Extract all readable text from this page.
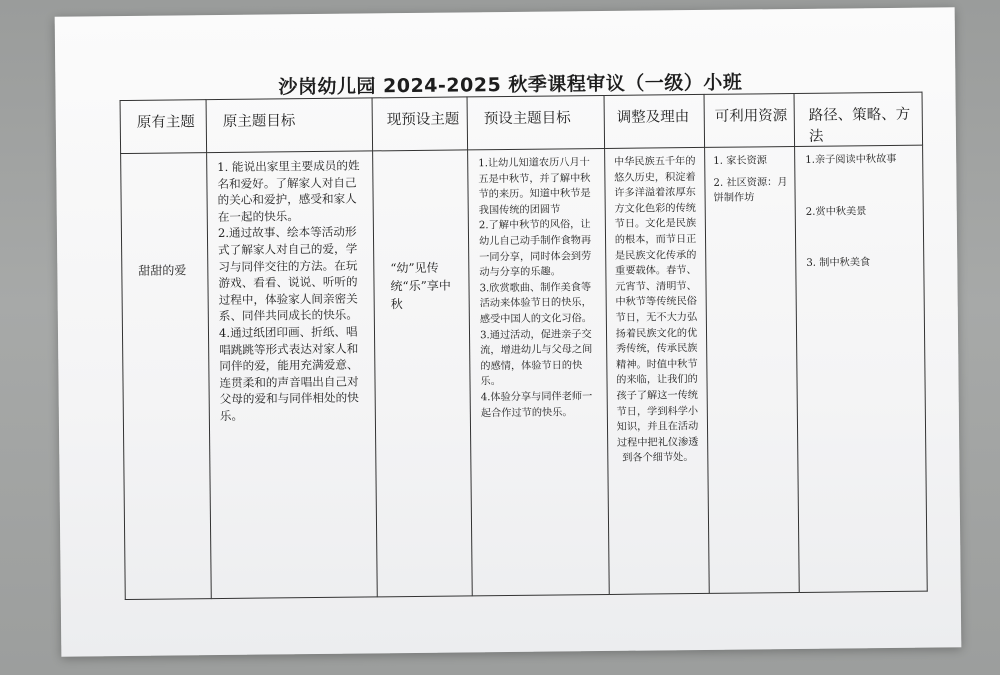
沙岗幼儿园 2024-2025 秋季课程审议（一级）小班
原有主题	原主题目标	现预设主题	预设主题目标	调整及理由	可利用资源	路径、策略、方法

甜甜的爱	1. 能说出家里主要成员的姓名和爱好。了解家人对自己的关心和爱护，感受和家人在一起的快乐。
2.通过故事、绘本等活动形式了解家人对自己的爱，学习与同伴交往的方法。在玩游戏、看看、说说、听听的过程中，体验家人间亲密关系、同伴共同成长的快乐。
4.通过纸团印画、折纸、唱唱跳跳等形式表达对家人和同伴的爱，能用充满爱意、连贯柔和的声音唱出自己对父母的爱和与同伴相处的快乐。	“幼”见传统“乐”享中秋	1.让幼儿知道农历八月十五是中秋节，并了解中秋节的来历。知道中秋节是我国传统的团圆节
2.了解中秋节的风俗，让幼儿自己动手制作食物再一同分享，同时体会到劳动与分享的乐趣。
3.欣赏歌曲、制作美食等活动来体验节日的快乐，感受中国人的文化习俗。
3.通过活动，促进亲子交流，增进幼儿与父母之间的感情，体验节日的快乐。
4.体验分享与同伴老师一起合作过节的快乐。	中华民族五千年的悠久历史，积淀着许多洋溢着浓厚东方文化色彩的传统节日。文化是民族的根本，而节日正是民族文化传承的重要载体。春节、元宵节、清明节、中秋节等传统民俗节日，无不大力弘扬着民族文化的优秀传统，传承民族精神。时值中秋节的来临，让我们的孩子了解这一传统节日，学到科学小知识，并且在活动过程中把礼仪渗透到各个细节处。	1. 家长资源
2. 社区资源：月饼制作坊	1.亲子阅读中秋故事
2.赏中秋美景
3. 制中秋美食
